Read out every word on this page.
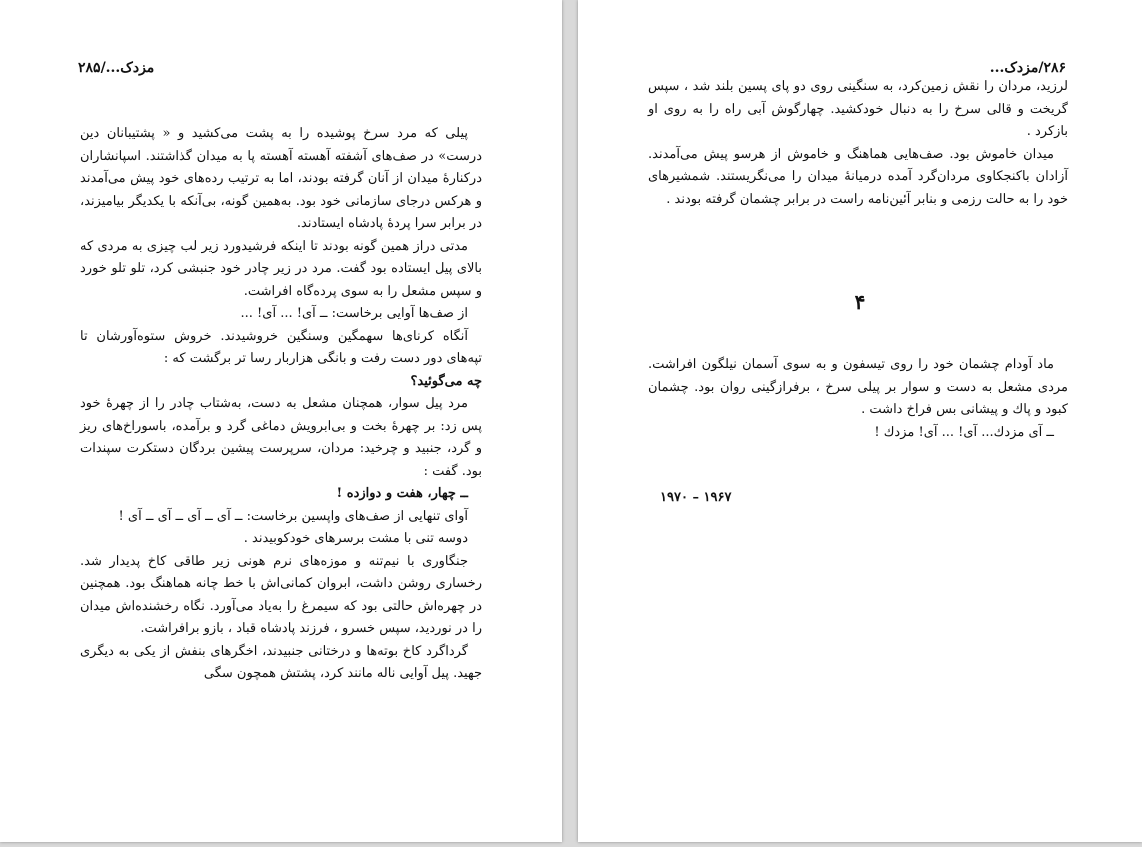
مزدک.../۲۸۵

پیلی که مرد سرخ پوشیده را به پشت می‌کشید و « پشتیبانان دین درست» در صف‌های آشفته آهسته آهسته پا به میدان گذاشتند. اسپانشاران درکنارهٔ میدان از آنان گرفته بودند، اما به ترتیب رده‌های خود پیش می‌آمدند و هرکس درجای سازمانی خود بود. به‌همین گونه، بی‌آنکه با یکدیگر بیامیزند، در برابر سرا پردهٔ پادشاه ایستادند.

مدتی دراز همین گونه بودند تا اینکه فرشیدورد زیر لب چیزی به مردی که بالای پیل ایستاده بود گفت. مرد در زیر چادر خود جنبشی کرد، تلو تلو خورد و سپس مشعل را به سوی پرده‌گاه افراشت.

از صف‌ها آوایی برخاست: ــ آی! ... آی! ...

آنگاه کرنای‌ها سهمگین وسنگین خروشیدند. خروش ستوه‌آورشان تا تپه‌های دور دست رفت و بانگی هزاربار رسا تر برگشت که :

چه می‌گوئید؟

مرد پیل سوار، همچنان مشعل به دست، به‌شتاب چادر را از چهرهٔ خود پس زد: بر چهرهٔ بخت و بی‌ابرویش دماغی گرد و برآمده، باسوراخ‌های ریز و گرد، جنبید و چرخید: مردان، سرپرست پیشین بردگان دستکرت سپندات بود. گفت :

ــ چهار، هفت و دوازده !

آوای تنهایی از صف‌های واپسین برخاست: ــ آی ــ آی ــ آی ــ آی !

دوسه تنی با مشت برسرهای خودکوبیدند .

جنگاوری با نیم‌تنه و موزه‌های نرم هونی زیر طاقی کاخ پدیدار شد. رخساری روشن داشت، ابروان کمانی‌اش با خط چانه هماهنگ بود. همچنین در چهره‌اش حالتی بود که سیمرغ را به‌یاد می‌آورد. نگاه رخشنده‌اش میدان را در نوردید، سپس خسرو ، فرزند پادشاه قباد ، بازو برافراشت.

گرداگرد کاخ بوته‌ها و درختانی جنبیدند، اخگرهای بنفش از یکی به دیگری جهید. پیل آوایی ناله مانند کرد، پشتش همچون سگی

۲۸۶/مزدک...

لرزید، مردان را نقش زمین‌کرد، به سنگینی روی دو پای پسین بلند شد ، سپس گریخت و قالی سرخ را به دنبال خودکشید. چهارگوش آبی راه را به روی او بازکرد .

میدان خاموش بود. صف‌هایی هماهنگ و خاموش از هرسو پیش می‌آمدند. آزادان باکنجکاوی مردان‌گرد آمده درمیانهٔ میدان را می‌نگریستند. شمشیرهای خود را به حالت رزمی و بنابر آئین‌نامه راست در برابر چشمان گرفته بودند .

۴

ماد آودام چشمان خود را روی تیسفون و به سوی آسمان نیلگون افراشت. مردی مشعل به دست و سوار بر پیلی سرخ ، برفرازگینی روان بود. چشمان کبود و پاك و پیشانی بس فراخ داشت .

ــ آی مزدك... آی! ... آی! مزدك !

۱۹۶۷ – ۱۹۷۰
